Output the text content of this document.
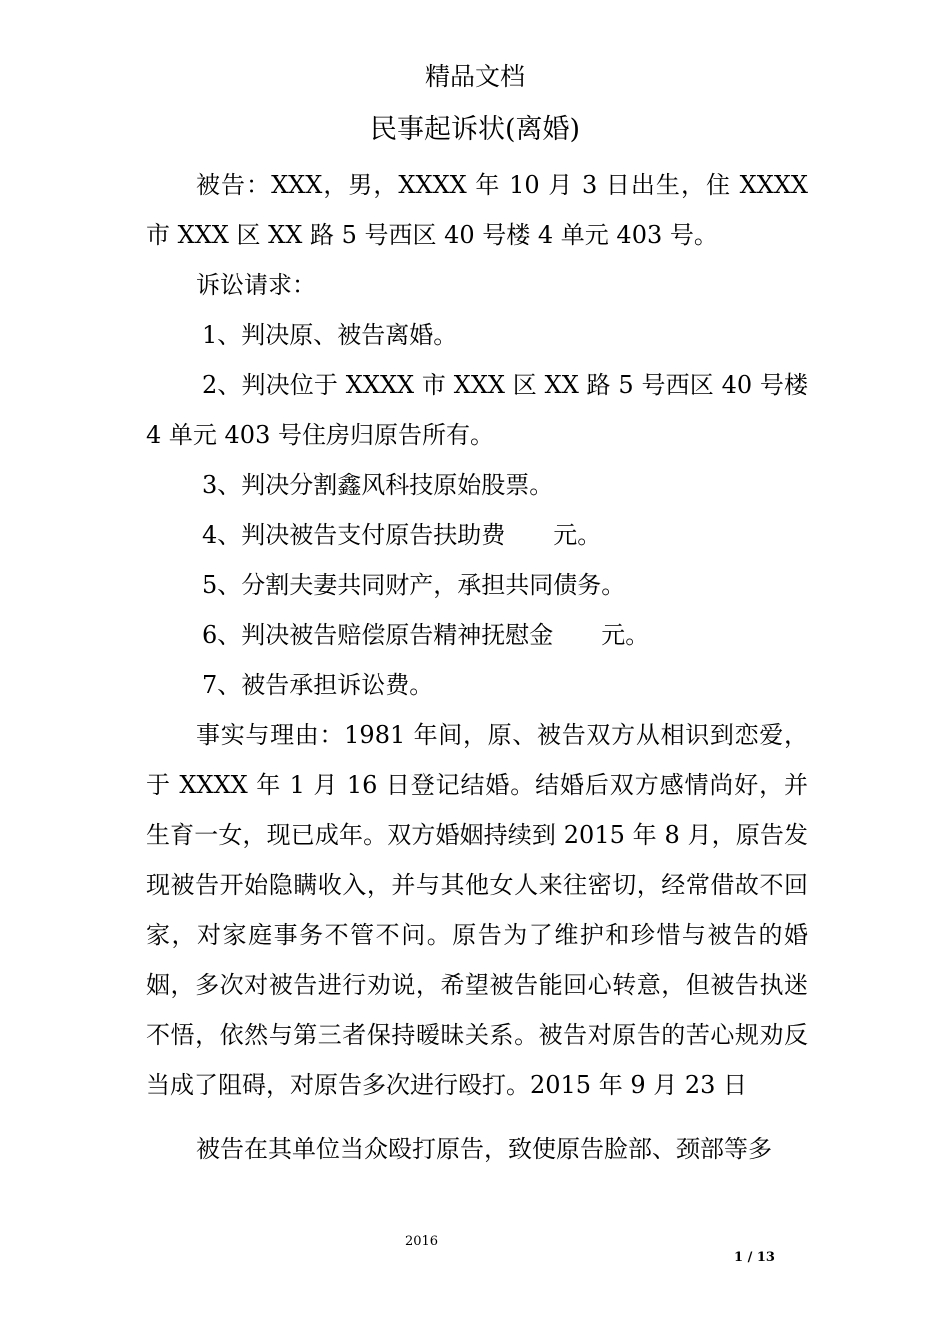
精品文档
民事起诉状(离婚)

被告：XXX，男，XXXX 年 10 月 3 日出生，住 XXXX 市 XXX 区 XX 路 5 号西区 40 号楼 4 单元 403 号。

诉讼请求：

1、判决原、被告离婚。

2、判决位于 XXXX 市 XXX 区 XX 路 5 号西区 40 号楼 4 单元 403 号住房归原告所有。

3、判决分割鑫风科技原始股票。

4、判决被告支付原告扶助费　　元。

5、分割夫妻共同财产，承担共同债务。

6、判决被告赔偿原告精神抚慰金　　元。

7、被告承担诉讼费。

事实与理由：1981 年间，原、被告双方从相识到恋爱，于 XXXX 年 1 月 16 日登记结婚。结婚后双方感情尚好，并生育一女，现已成年。双方婚姻持续到 2015 年 8 月，原告发现被告开始隐瞒收入，并与其他女人来往密切，经常借故不回家，对家庭事务不管不问。原告为了维护和珍惜与被告的婚姻，多次对被告进行劝说，希望被告能回心转意，但被告执迷不悟，依然与第三者保持暧昧关系。被告对原告的苦心规劝反当成了阻碍，对原告多次进行殴打。2015 年 9 月 23 日

被告在其单位当众殴打原告，致使原告脸部、颈部等多

2016
1 / 13
